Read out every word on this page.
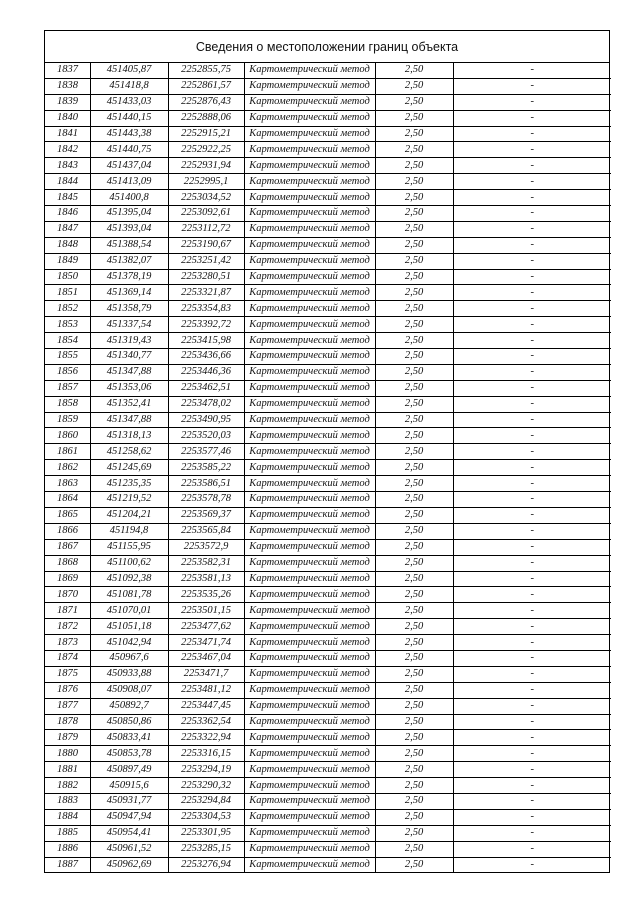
Сведения о местоположении границ объекта
1837	451405,87	2252855,75	Картометрический метод	2,50	-
1838	451418,8	2252861,57	Картометрический метод	2,50	-
1839	451433,03	2252876,43	Картометрический метод	2,50	-
1840	451440,15	2252888,06	Картометрический метод	2,50	-
1841	451443,38	2252915,21	Картометрический метод	2,50	-
1842	451440,75	2252922,25	Картометрический метод	2,50	-
1843	451437,04	2252931,94	Картометрический метод	2,50	-
1844	451413,09	2252995,1	Картометрический метод	2,50	-
1845	451400,8	2253034,52	Картометрический метод	2,50	-
1846	451395,04	2253092,61	Картометрический метод	2,50	-
1847	451393,04	2253112,72	Картометрический метод	2,50	-
1848	451388,54	2253190,67	Картометрический метод	2,50	-
1849	451382,07	2253251,42	Картометрический метод	2,50	-
1850	451378,19	2253280,51	Картометрический метод	2,50	-
1851	451369,14	2253321,87	Картометрический метод	2,50	-
1852	451358,79	2253354,83	Картометрический метод	2,50	-
1853	451337,54	2253392,72	Картометрический метод	2,50	-
1854	451319,43	2253415,98	Картометрический метод	2,50	-
1855	451340,77	2253436,66	Картометрический метод	2,50	-
1856	451347,88	2253446,36	Картометрический метод	2,50	-
1857	451353,06	2253462,51	Картометрический метод	2,50	-
1858	451352,41	2253478,02	Картометрический метод	2,50	-
1859	451347,88	2253490,95	Картометрический метод	2,50	-
1860	451318,13	2253520,03	Картометрический метод	2,50	-
1861	451258,62	2253577,46	Картометрический метод	2,50	-
1862	451245,69	2253585,22	Картометрический метод	2,50	-
1863	451235,35	2253586,51	Картометрический метод	2,50	-
1864	451219,52	2253578,78	Картометрический метод	2,50	-
1865	451204,21	2253569,37	Картометрический метод	2,50	-
1866	451194,8	2253565,84	Картометрический метод	2,50	-
1867	451155,95	2253572,9	Картометрический метод	2,50	-
1868	451100,62	2253582,31	Картометрический метод	2,50	-
1869	451092,38	2253581,13	Картометрический метод	2,50	-
1870	451081,78	2253535,26	Картометрический метод	2,50	-
1871	451070,01	2253501,15	Картометрический метод	2,50	-
1872	451051,18	2253477,62	Картометрический метод	2,50	-
1873	451042,94	2253471,74	Картометрический метод	2,50	-
1874	450967,6	2253467,04	Картометрический метод	2,50	-
1875	450933,88	2253471,7	Картометрический метод	2,50	-
1876	450908,07	2253481,12	Картометрический метод	2,50	-
1877	450892,7	2253447,45	Картометрический метод	2,50	-
1878	450850,86	2253362,54	Картометрический метод	2,50	-
1879	450833,41	2253322,94	Картометрический метод	2,50	-
1880	450853,78	2253316,15	Картометрический метод	2,50	-
1881	450897,49	2253294,19	Картометрический метод	2,50	-
1882	450915,6	2253290,32	Картометрический метод	2,50	-
1883	450931,77	2253294,84	Картометрический метод	2,50	-
1884	450947,94	2253304,53	Картометрический метод	2,50	-
1885	450954,41	2253301,95	Картометрический метод	2,50	-
1886	450961,52	2253285,15	Картометрический метод	2,50	-
1887	450962,69	2253276,94	Картометрический метод	2,50	-
